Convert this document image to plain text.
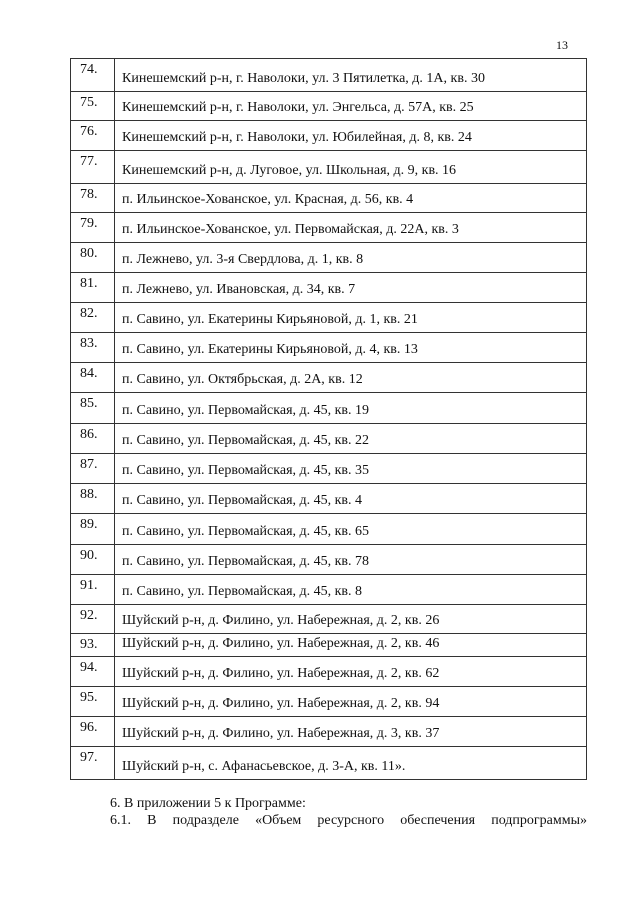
13
74.	Кинешемский р-н, г. Наволоки, ул. 3 Пятилетка, д. 1А, кв. 30
75.	Кинешемский р-н, г. Наволоки, ул. Энгельса, д. 57А, кв. 25
76.	Кинешемский р-н, г. Наволоки, ул. Юбилейная, д. 8, кв. 24
77.	Кинешемский р-н, д. Луговое, ул. Школьная, д. 9, кв. 16
78.	п. Ильинское-Хованское, ул. Красная, д. 56, кв. 4
79.	п. Ильинское-Хованское, ул. Первомайская, д. 22А, кв. 3
80.	п. Лежнево, ул. 3-я Свердлова, д. 1, кв. 8
81.	п. Лежнево, ул. Ивановская, д. 34, кв. 7
82.	п. Савино, ул. Екатерины Кирьяновой, д. 1, кв. 21
83.	п. Савино, ул. Екатерины Кирьяновой, д. 4, кв. 13
84.	п. Савино, ул. Октябрьская, д. 2А, кв. 12
85.	п. Савино, ул. Первомайская, д. 45, кв. 19
86.	п. Савино, ул. Первомайская, д. 45, кв. 22
87.	п. Савино, ул. Первомайская, д. 45, кв. 35
88.	п. Савино, ул. Первомайская, д. 45, кв. 4
89.	п. Савино, ул. Первомайская, д. 45, кв. 65
90.	п. Савино, ул. Первомайская, д. 45, кв. 78
91.	п. Савино, ул. Первомайская, д. 45, кв. 8
92.	Шуйский р-н, д. Филино, ул. Набережная, д. 2, кв. 26
93.	Шуйский р-н, д. Филино, ул. Набережная, д. 2, кв. 46
94.	Шуйский р-н, д. Филино, ул. Набережная, д. 2, кв. 62
95.	Шуйский р-н, д. Филино, ул. Набережная, д. 2, кв. 94
96.	Шуйский р-н, д. Филино, ул. Набережная, д. 3, кв. 37
97.	Шуйский р-н, с. Афанасьевское, д. 3-А, кв. 11».
6. В приложении 5 к Программе:
6.1. В подразделе «Объем ресурсного обеспечения подпрограммы»
